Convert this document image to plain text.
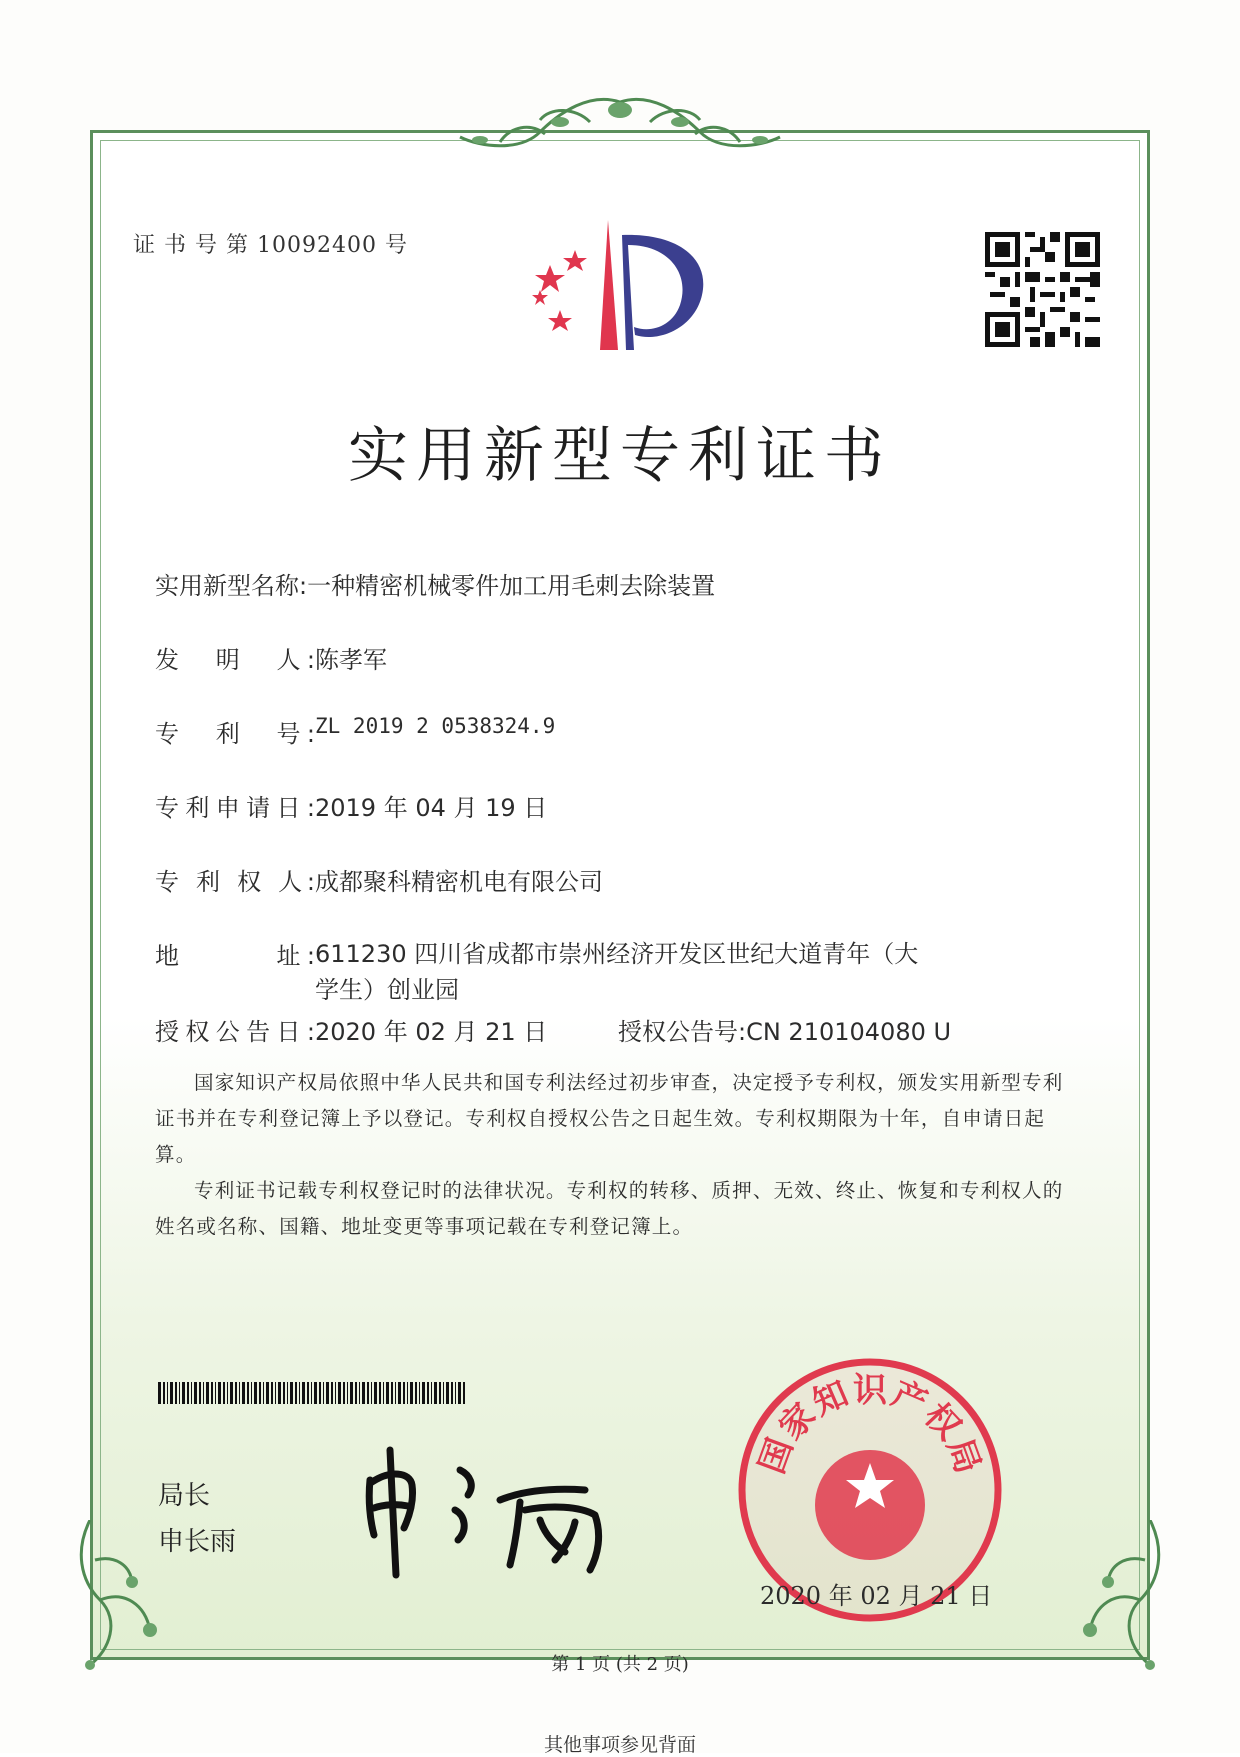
证 书 号 第 10092400 号
实用新型专利证书
实用新型名称:一种精密机械零件加工用毛刺去除装置
发　明　人:陈孝军
专　利　号:ZL 2019 2 0538324.9
专利申请日:2019 年 04 月 19 日
专 利 权 人:成都聚科精密机电有限公司
地　　　址:611230 四川省成都市崇州经济开发区世纪大道青年（大学生）创业园
授权公告日:2020 年 02 月 21 日	授权公告号:CN 210104080 U

国家知识产权局依照中华人民共和国专利法经过初步审查，决定授予专利权，颁发实用新型专利证书并在专利登记簿上予以登记。专利权自授权公告之日起生效。专利权期限为十年，自申请日起算。

专利证书记载专利权登记时的法律状况。专利权的转移、质押、无效、终止、恢复和专利权人的姓名或名称、国籍、地址变更等事项记载在专利登记簿上。

局长
申长雨
国
家
知
识
产
权
局
2020 年 02 月 21 日
第 1 页 (共 2 页)
其他事项参见背面
